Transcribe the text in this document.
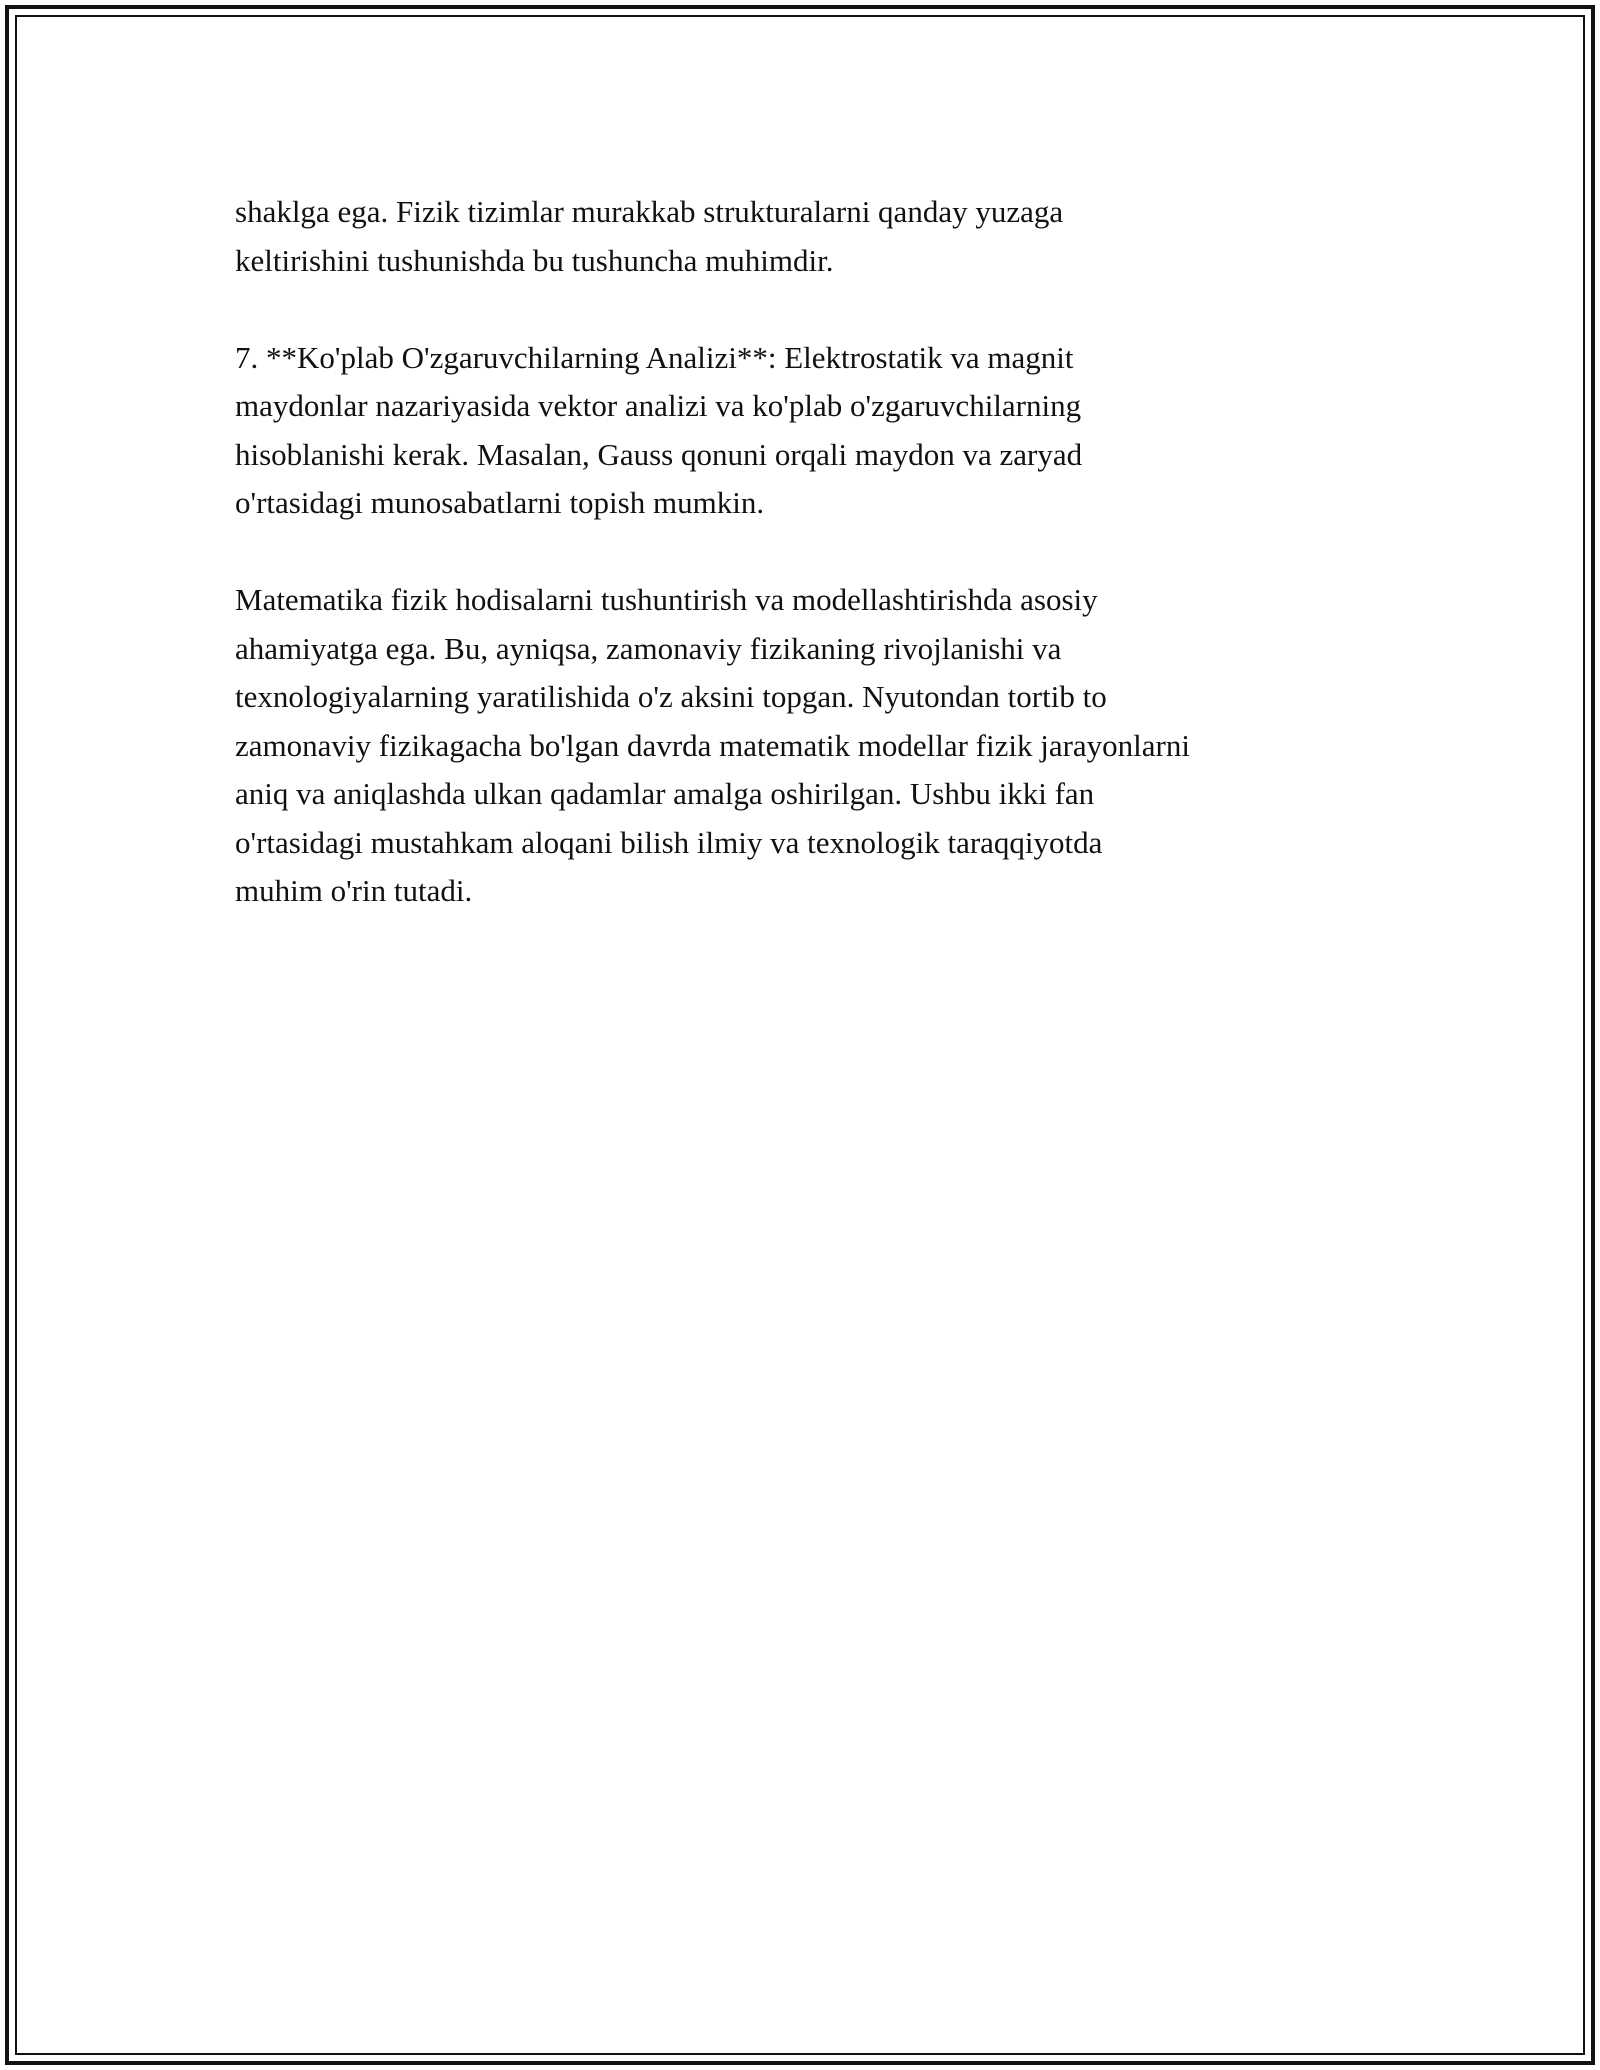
shaklga ega. Fizik tizimlar murakkab strukturalarni qanday yuzaga
keltirishini tushunishda bu tushuncha muhimdir.

7. **Ko'plab O'zgaruvchilarning Analizi**: Elektrostatik va magnit
maydonlar nazariyasida vektor analizi va ko'plab o'zgaruvchilarning
hisoblanishi kerak. Masalan, Gauss qonuni orqali maydon va zaryad
o'rtasidagi munosabatlarni topish mumkin.

Matematika fizik hodisalarni tushuntirish va modellashtirishda asosiy
ahamiyatga ega. Bu, ayniqsa, zamonaviy fizikaning rivojlanishi va
texnologiyalarning yaratilishida o'z aksini topgan. Nyutondan tortib to
zamonaviy fizikagacha bo'lgan davrda matematik modellar fizik jarayonlarni
aniq va aniqlashda ulkan qadamlar amalga oshirilgan. Ushbu ikki fan
o'rtasidagi mustahkam aloqani bilish ilmiy va texnologik taraqqiyotda
muhim o'rin tutadi.
